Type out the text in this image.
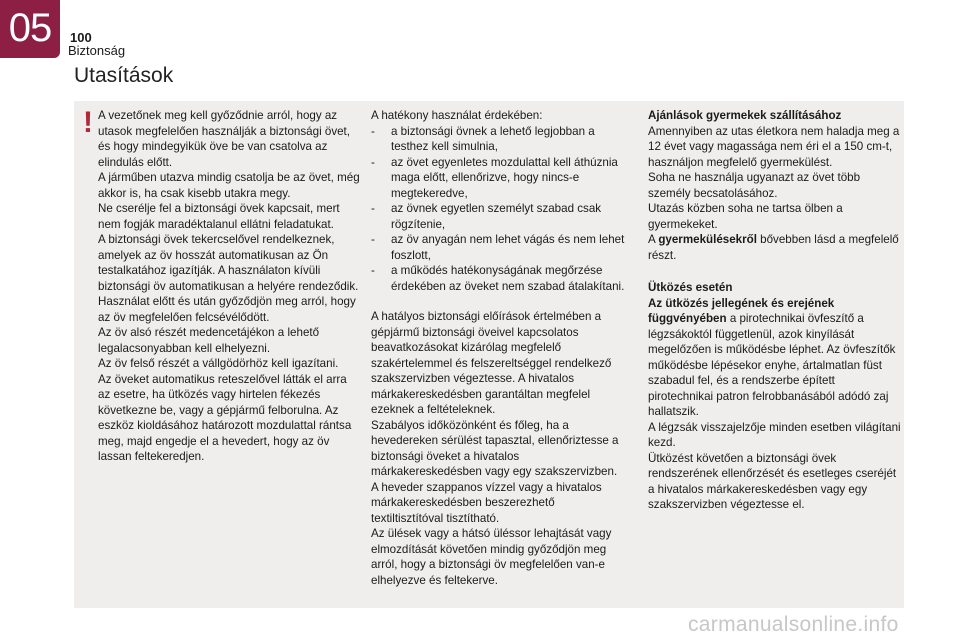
05	100
Biztonság
Utasítások
! A vezetőnek meg kell győződnie arról, hogy az utasok megfelelően használják a biztonsági övet, és hogy mindegyikük öve be van csatolva az elindulás előtt.

A járműben utazva mindig csatolja be az övet, még akkor is, ha csak kisebb utakra megy.

Ne cserélje fel a biztonsági övek kapcsait, mert nem fogják maradéktalanul ellátni feladatukat.

A biztonsági övek tekercselővel rendelkeznek, amelyek az öv hosszát automatikusan az Ön testalkatához igazítják. A használaton kívüli biztonsági öv automatikusan a helyére rendeződik.

Használat előtt és után győződjön meg arról, hogy az öv megfelelően felcsévélődött.

Az öv alsó részét medencetájékon a lehető legalacsonyabban kell elhelyezni.

Az öv felső részét a vállgödörhöz kell igazítani.

Az öveket automatikus reteszelővel látták el arra az esetre, ha ütközés vagy hirtelen fékezés következne be, vagy a gépjármű felborulna. Az eszköz kioldásához határozott mozdulattal rántsa meg, majd engedje el a hevedert, hogy az öv lassan feltekeredjen.

A hatékony használat érdekében:

- a biztonsági övnek a lehető legjobban a testhez kell simulnia,

- az övet egyenletes mozdulattal kell áthúznia maga előtt, ellenőrizve, hogy nincs-e megtekeredve,

- az övnek egyetlen személyt szabad csak rögzítenie,

- az öv anyagán nem lehet vágás és nem lehet foszlott,

- a működés hatékonyságának megőrzése érdekében az öveket nem szabad átalakítani.

A hatályos biztonsági előírások értelmében a gépjármű biztonsági öveivel kapcsolatos beavatkozásokat kizárólag megfelelő szakértelemmel és felszereltséggel rendelkező szakszervizben végeztesse. A hivatalos márkakereskedésben garantáltan megfelel ezeknek a feltételeknek.

Szabályos időközönként és főleg, ha a hevedereken sérülést tapasztal, ellenőriztesse a biztonsági öveket a hivatalos márkakereskedésben vagy egy szakszervizben.

A heveder szappanos vízzel vagy a hivatalos márkakereskedésben beszerezhető textiltisztítóval tisztítható.

Az ülések vagy a hátsó üléssor lehajtását vagy elmozdítását követően mindig győződjön meg arról, hogy a biztonsági öv megfelelően van-e elhelyezve és feltekerve.

Ajánlások gyermekek szállításához

Amennyiben az utas életkora nem haladja meg a 12 évet vagy magassága nem éri el a 150 cm-t, használjon megfelelő gyermekülést.

Soha ne használja ugyanazt az övet több személy becsatolásához.

Utazás közben soha ne tartsa ölben a gyermekeket.

A gyermekülésekről bővebben lásd a megfelelő részt.

Ütközés esetén

Az ütközés jellegének és erejének függvényében a pirotechnikai övfeszítő a légzsákoktól függetlenül, azok kinyílását megelőzően is működésbe léphet. Az övfeszítők működésbe lépésekor enyhe, ártalmatlan füst szabadul fel, és a rendszerbe épített pirotechnikai patron felrobbanásából adódó zaj hallatszik.

A légzsák visszajelzője minden esetben világítani kezd.

Ütközést követően a biztonsági övek rendszerének ellenőrzését és esetleges cseréjét a hivatalos márkakereskedésben vagy egy szakszervizben végeztesse el.

carmanualsonline.info
